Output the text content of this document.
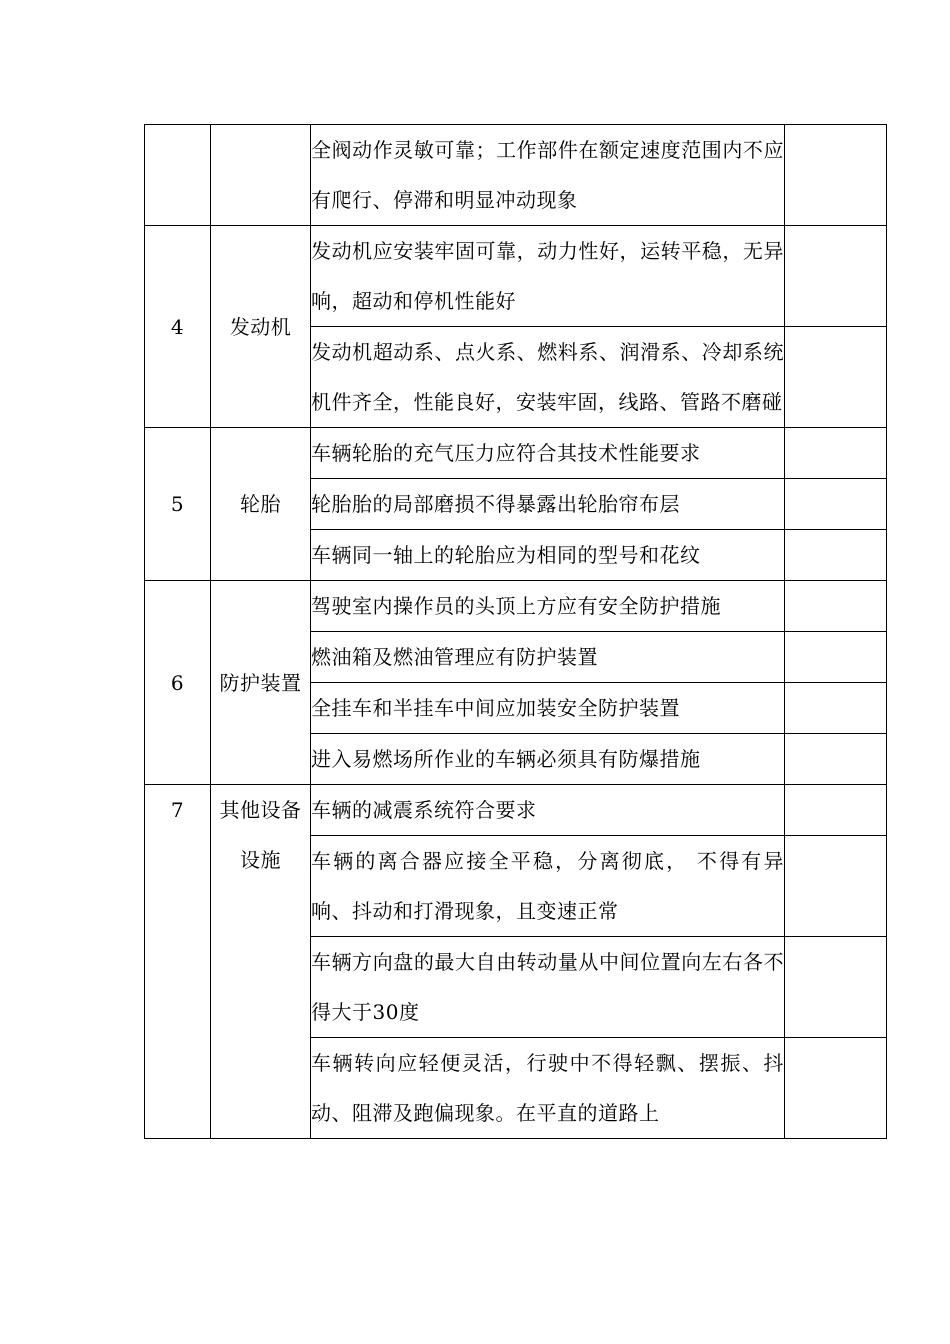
		全阀动作灵敏可靠；工作部件在额定速度范围内不应有爬行、停滞和明显冲动现象	
4	发动机	发动机应安装牢固可靠，动力性好，运转平稳，无异响，超动和停机性能好	
		发动机超动系、点火系、燃料系、润滑系、冷却系统机件齐全，性能良好，安装牢固，线路、管路不磨碰	
5	轮胎	车辆轮胎的充气压力应符合其技术性能要求	
		轮胎胎的局部磨损不得暴露出轮胎帘布层	
		车辆同一轴上的轮胎应为相同的型号和花纹	
6	防护装置	驾驶室内操作员的头顶上方应有安全防护措施	
		燃油箱及燃油管理应有防护装置	
		全挂车和半挂车中间应加装安全防护装置	
		进入易燃场所作业的车辆必须具有防爆措施	
7	其他设备设施	车辆的减震系统符合要求	
		车辆的离合器应接全平稳，分离彻底， 不得有异响、抖动和打滑现象，且变速正常	
		车辆方向盘的最大自由转动量从中间位置向左右各不得大于30度	
		车辆转向应轻便灵活，行驶中不得轻飘、摆振、抖动、阻滞及跑偏现象。在平直的道路上	
